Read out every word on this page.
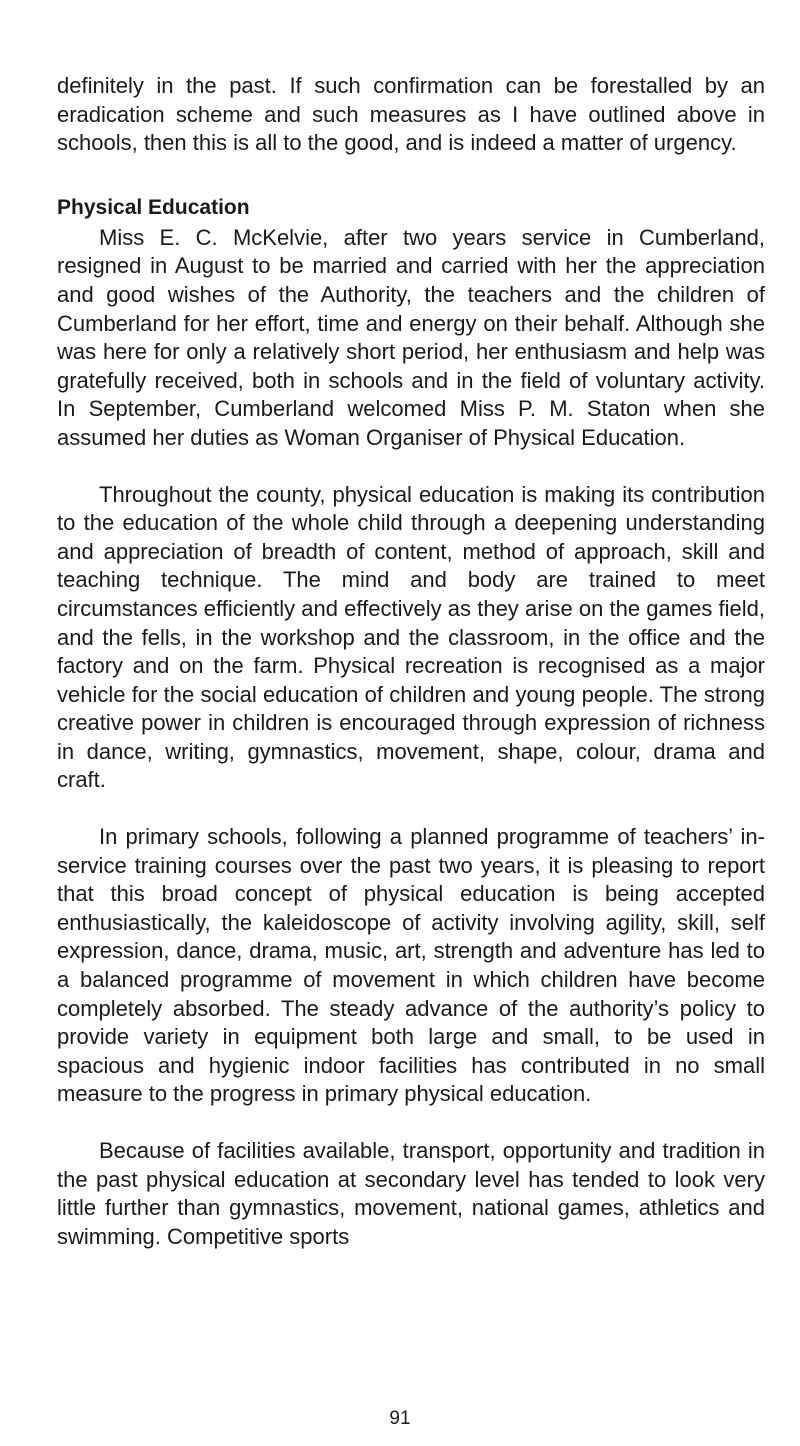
definitely in the past. If such confirmation can be forestalled by an eradication scheme and such measures as I have outlined above in schools, then this is all to the good, and is indeed a matter of urgency.

Physical Education

Miss E. C. McKelvie, after two years service in Cumberland, resigned in August to be married and carried with her the appreciation and good wishes of the Authority, the teachers and the children of Cumberland for her effort, time and energy on their behalf. Although she was here for only a relatively short period, her enthusiasm and help was gratefully received, both in schools and in the field of voluntary activity. In September, Cumberland welcomed Miss P. M. Staton when she assumed her duties as Woman Organiser of Physical Education.

Throughout the county, physical education is making its contribution to the education of the whole child through a deepening understanding and appreciation of breadth of content, method of approach, skill and teaching technique. The mind and body are trained to meet circumstances efficiently and effectively as they arise on the games field, and the fells, in the workshop and the classroom, in the office and the factory and on the farm. Physical recreation is recognised as a major vehicle for the social education of children and young people. The strong creative power in children is encouraged through expression of richness in dance, writing, gymnastics, movement, shape, colour, drama and craft.

In primary schools, following a planned programme of teachers’ in-service training courses over the past two years, it is pleasing to report that this broad concept of physical education is being accepted enthusiastically, the kaleidoscope of activity involving agility, skill, self expression, dance, drama, music, art, strength and adventure has led to a balanced programme of movement in which children have become completely absorbed. The steady advance of the authority’s policy to provide variety in equipment both large and small, to be used in spacious and hygienic indoor facilities has contributed in no small measure to the progress in primary physical education.

Because of facilities available, transport, opportunity and tradition in the past physical education at secondary level has tended to look very little further than gymnastics, movement, national games, athletics and swimming. Competitive sports

91
